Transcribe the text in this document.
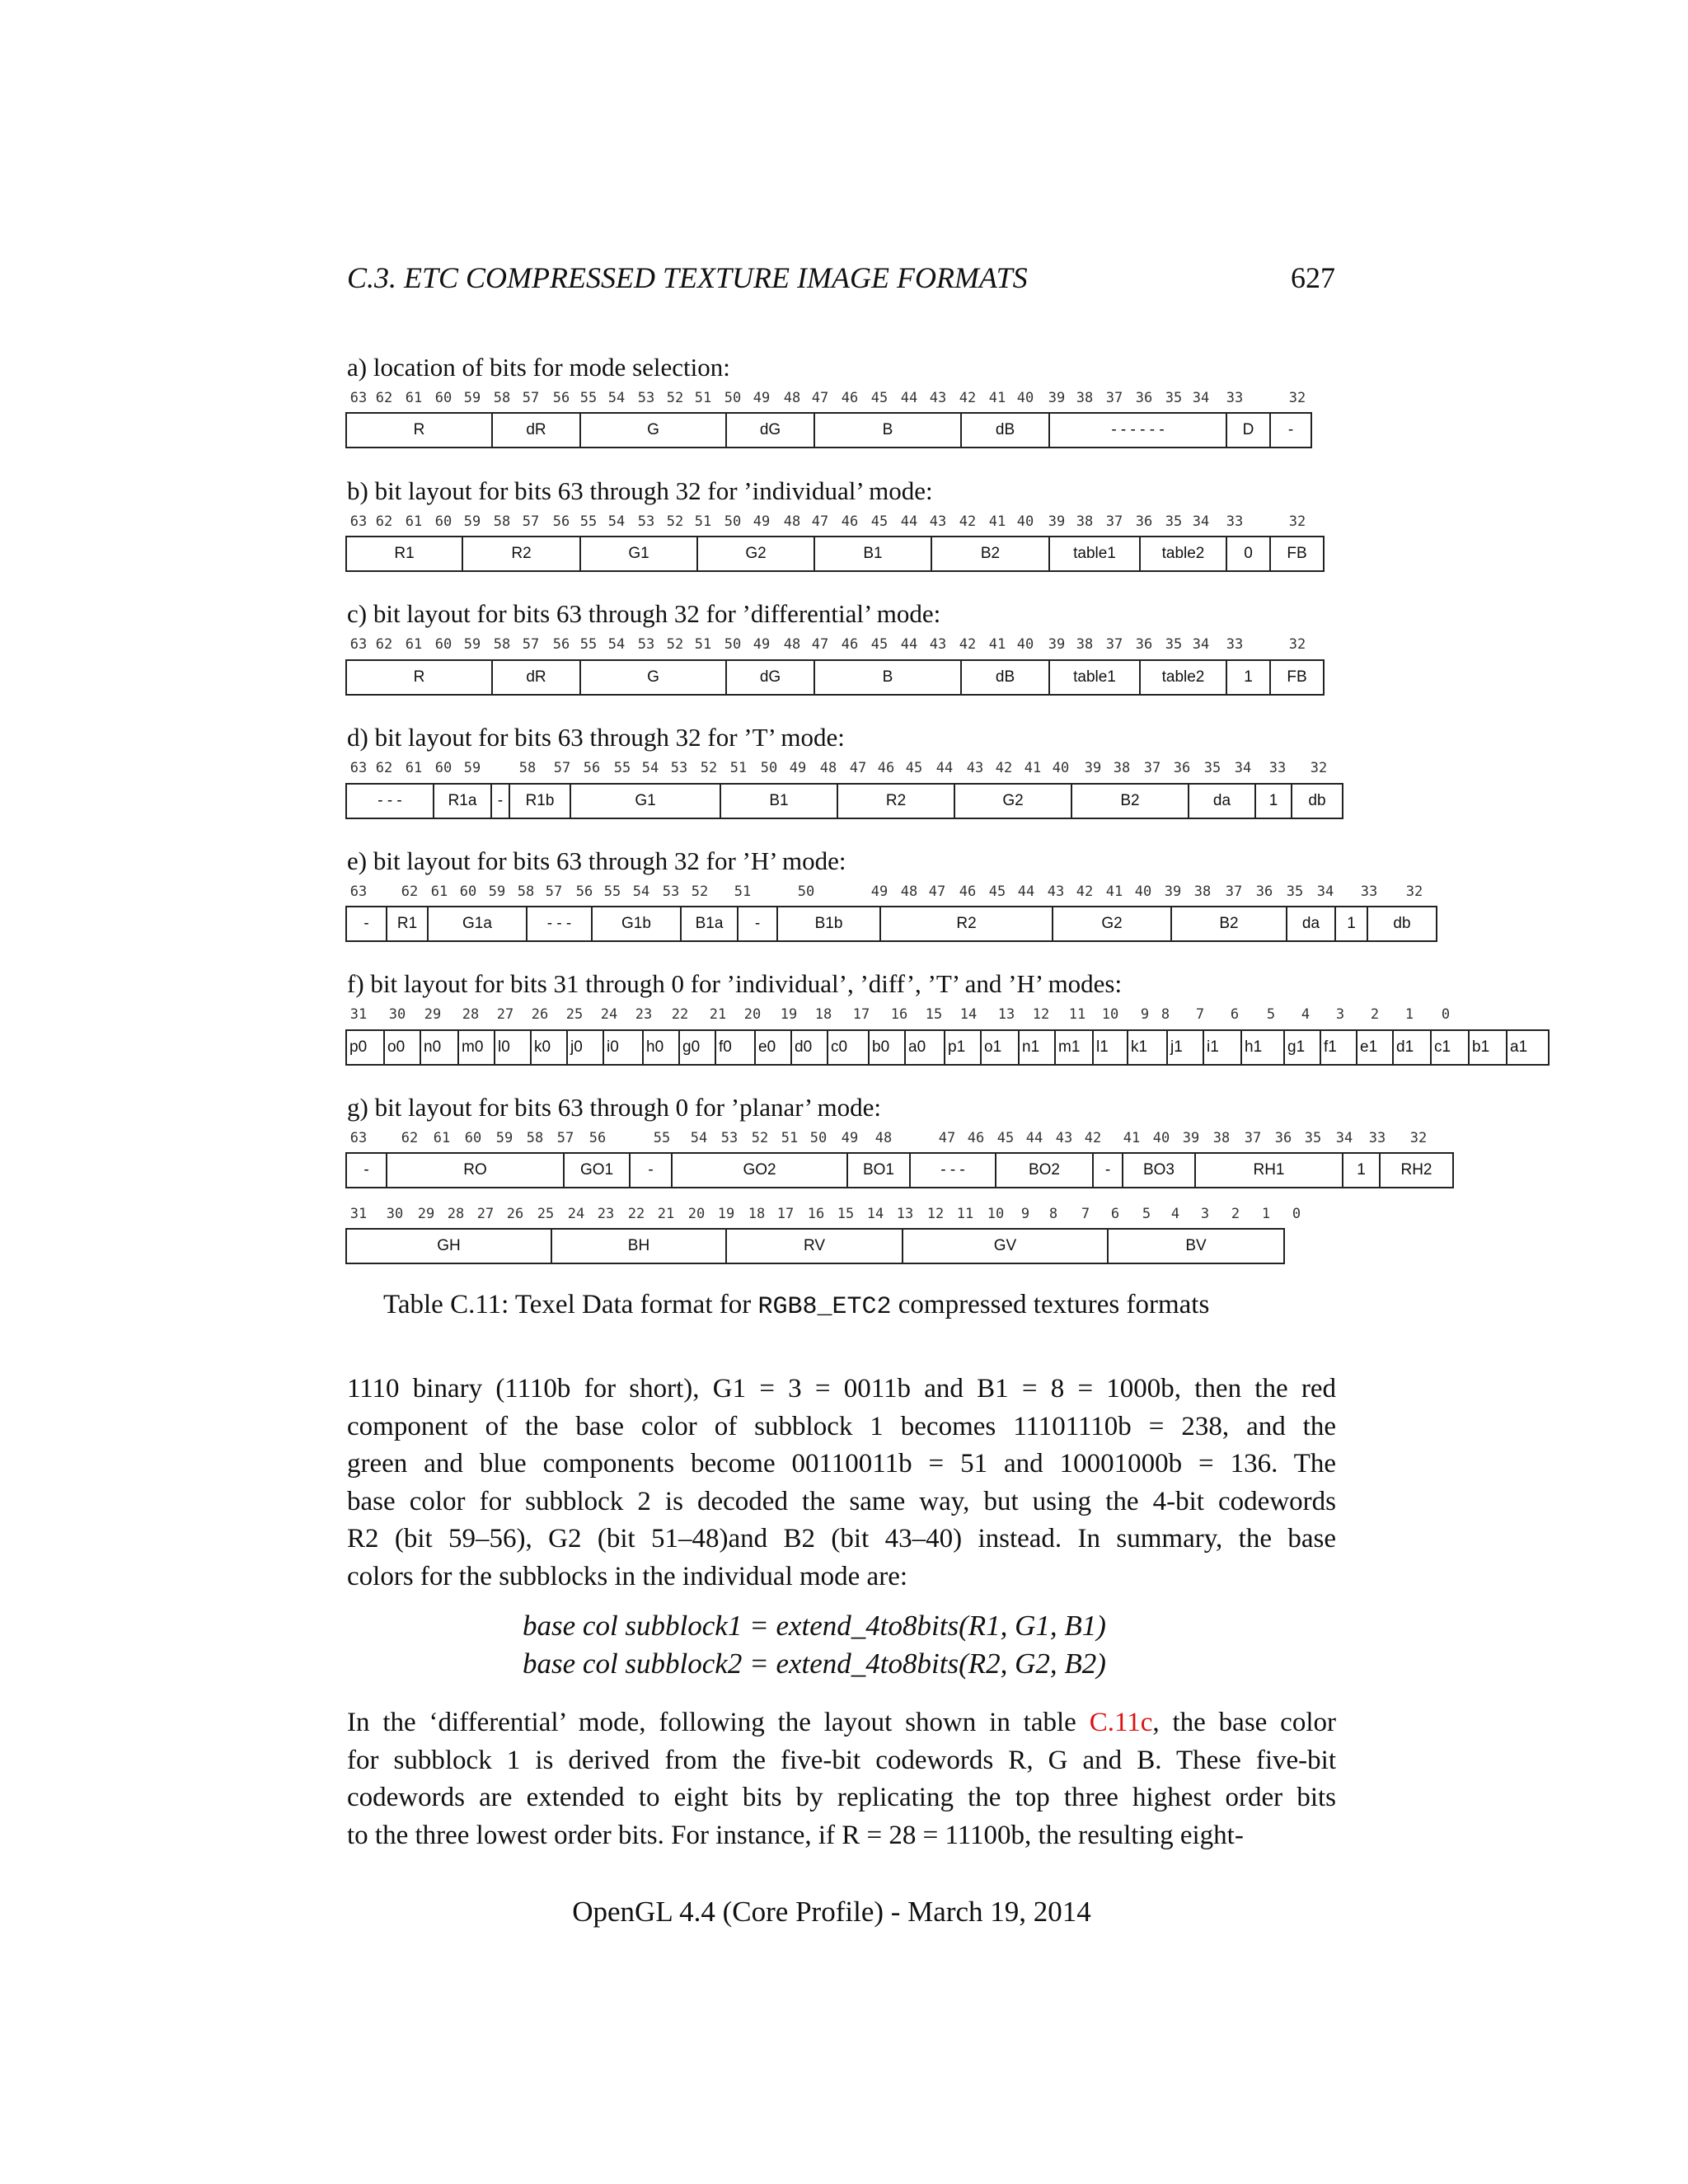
C.3. ETC COMPRESSED TEXTURE IMAGE FORMATS	627
a) location of bits for mode selection:
63 62 61 60 59 58 57 56 55 54 53 52 51 50 49 48 47 46 45 44 43 42 41 40 39 38 37 36 35 34 33	32
R	dR	G	dG	B	dB	- - - - - -	D	-
b) bit layout for bits 63 through 32 for ’individual’ mode:
63 62 61 60 59 58 57 56 55 54 53 52 51 50 49 48 47 46 45 44 43 42 41 40 39 38 37 36 35 34 33	32
R1	R2	G1	G2	B1	B2	table1	table2	0	FB
c) bit layout for bits 63 through 32 for ’differential’ mode:
63 62 61 60 59 58 57 56 55 54 53 52 51 50 49 48 47 46 45 44 43 42 41 40 39 38 37 36 35 34 33	32
R	dR	G	dG	B	dB	table1	table2	1	FB
d) bit layout for bits 63 through 32 for ’T’ mode:
63 62 61 60 59	58 57 56 55 54 53 52 51 50 49 48 47 46 45 44 43 42 41 40 39 38 37 36 35 34 33 32
- - -	R1a	-	R1b	G1	B1	R2	G2	B2	da	1	db
e) bit layout for bits 63 through 32 for ’H’ mode:
63 62 61 60 59 58 57 56 55 54 53 52 51	50	49 48 47 46 45 44 43 42 41 40 39 38 37 36 35 34 33 32
-	R1	G1a	- - -	G1b	B1a	-	B1b	R2	G2	B2	da	1	db
f) bit layout for bits 31 through 0 for ’individual’, ’diff’, ’T’ and ’H’ modes:
31 30 29 28 27 26 25 24 23 22 21 20 19 18 17 16 15 14 13 12 11 10 9 8 7 6 5 4 3 2 1 0
p0	o0	n0	m0 l0	k0	j0	i0	h0	g0	f0	e0	d0	c0	b0	a0	p1	o1	n1	m1	l1	k1	j1	i1	h1	g1	f1	e1	d1	c1	b1	a1
g) bit layout for bits 63 through 0 for ’planar’ mode:
63 62 61 60 59 58 57 56	55 54 53 52 51 50 49 48	47 46 45 44 43 42 41 40 39 38 37 36 35 34 33 32
-	RO	GO1	-	GO2	BO1	- - -	BO2	-	BO3	RH1	1	RH2
31 30 29 28 27 26 25 24 23 22 21 20 19 18 17 16 15 14 13 12 11 10 9 8 7 6 5 4 3 2 1 0
GH	BH	RV	GV	BV
Table C.11: Texel Data format for RGB8_ETC2 compressed textures formats
1110 binary (1110b for short), G1 = 3 = 0011b and B1 = 8 = 1000b, then the red
component of the base color of subblock 1 becomes 11101110b = 238, and the
green and blue components become 00110011b = 51 and 10001000b = 136. The
base color for subblock 2 is decoded the same way, but using the 4-bit codewords
R2 (bit 59–56), G2 (bit 51–48)and B2 (bit 43–40) instead. In summary, the base
colors for the subblocks in the individual mode are:
base col subblock1 = extend_4to8bits(R1, G1, B1)
base col subblock2 = extend_4to8bits(R2, G2, B2)
In the ‘differential’ mode, following the layout shown in table C.11c, the base color
for subblock 1 is derived from the five-bit codewords R, G and B. These five-bit
codewords are extended to eight bits by replicating the top three highest order bits
to the three lowest order bits. For instance, if R = 28 = 11100b, the resulting eight-
OpenGL 4.4 (Core Profile) - March 19, 2014
